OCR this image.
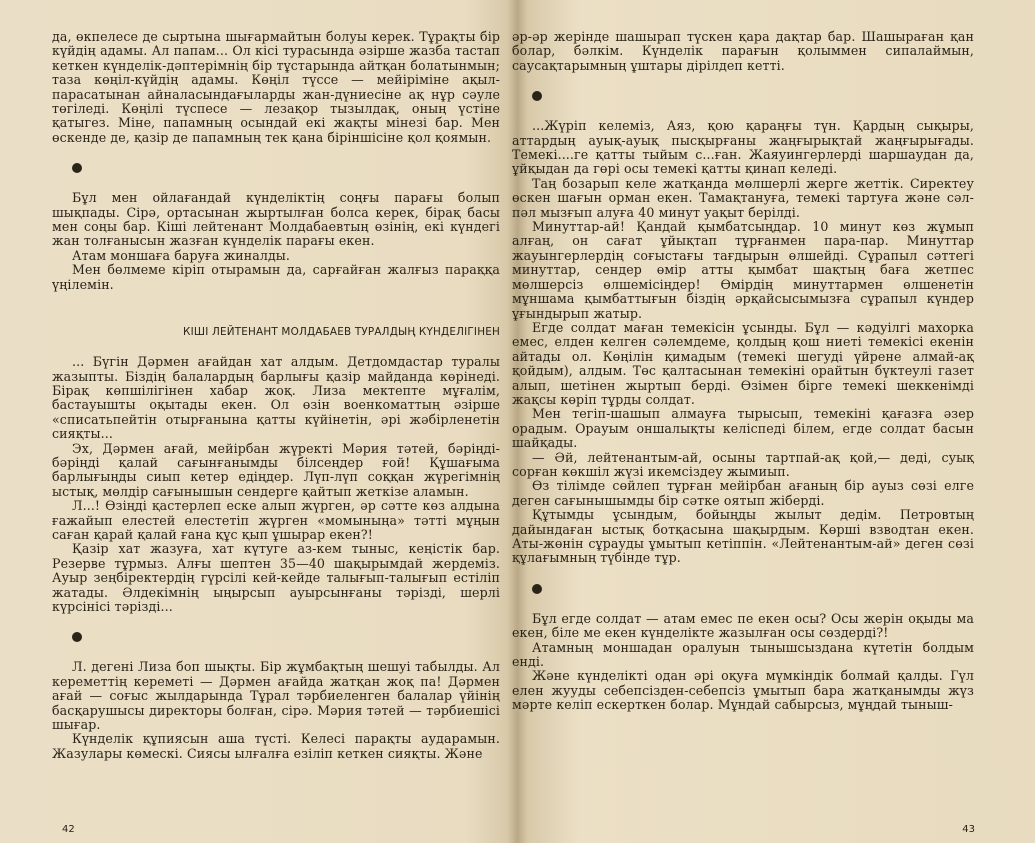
да, өкпелесе де сыртына шығармайтын болуы керек. Тұрақты бір күйдің адамы. Ал папам... Ол кісі турасында әзірше жазба тастап кеткен күнделік-дәптерімнің бір тұстарында айтқан болатынмын; таза көңіл-күйдің адамы. Көңіл түссе — мейіріміне ақыл-парасатынан айналасындағыларды жан-дүниесіне ақ нұр сәуле төгіледі. Көңілі түспесе — лезақор тызылдақ, оның үстіне қатыгез. Міне, папамның осындай екі жақты мінезі бар. Мен өскенде де, қазір де папамның тек қана біріншісіне қол қоямын.

Бұл мен ойлағандай күнделіктің соңғы парағы болып шықпады. Сірә, ортасынан жыртылған болса керек, бірақ басы мен соңы бар. Кіші лейтенант Молдабаевтың өзінің, екі күндегі жан толғанысын жазған күнделік парағы екен.

Атам моншаға баруға жиналды.

Мен бөлмеме кіріп отырамын да, сарғайған жалғыз параққа үңілемін.

КІШІ ЛЕЙТЕНАНТ МОЛДАБАЕВ ТУРАЛДЫҢ КҮНДЕЛІГІНЕН

... Бүгін Дәрмен ағайдан хат алдым. Детдомдастар туралы жазыпты. Біздің балалардың барлығы қазір майданда көрінеді. Бірақ көпшілігінен хабар жоқ. Лиза мектепте мұғалім, бастауышты оқытады екен. Ол өзін военкоматтың әзірше «списатьпейтін отырғанына қатты күйінетін, әрі жәбірленетін сияқты...

Эх, Дәрмен ағай, мейірбан жүректі Мәрия тәтей, бәріңді-бәріңді қалай сағынғанымды білсеңдер ғой! Құшағыма барлығыңды сиып кетер едіңдер. Лүп-лүп соққан жүрегімнің ыстық, мөлдір сағынышын сендерге қайтып жеткізе аламын.

Л...! Өзіңді қастерлеп еске алып жүрген, әр сәтте көз алдына ғажайып елестей елестетіп жүрген «момыныңа» тәтті мұңын саған қарай қалай ғана құс қып ұшырар екен?!

Қазір хат жазуға, хат күтуге аз-кем тыныс, кеңістік бар. Резерве тұрмыз. Алғы шептен 35—40 шақырымдай жердеміз. Ауыр зеңбіректердің гүрсілі кей-кейде талығып-талығып естіліп жатады. Әлдекімнің ыңырсып ауырсынғаны тәрізді, шерлі күрсінісі тәрізді...

Л. дегені Лиза боп шықты. Бір жұмбақтың шешуі табылды. Ал кереметтің кереметі — Дәрмен ағайда жатқан жоқ па! Дәрмен ағай — соғыс жылдарында Тұрал тәрбиеленген балалар үйінің басқарушысы директоры болған, сірә. Мәрия тәтей — тәрбиешісі шығар.

Күнделік құпиясын аша түсті. Келесі парақты аударамын. Жазулары көмескі. Сиясы ылғалға езіліп кеткен сияқты. Және

42

әр-әр жерінде шашырап түскен қара дақтар бар. Шашыраған қан болар, бәлкім. Күнделік парағын қолыммен сипалаймын, саусақтарымның ұштары дірілдеп кетті.

...Жүріп келеміз, Аяз, қою қараңғы түн. Қардың сықыры, аттардың ауық-ауық пысқырғаны жаңғырықтай жаңғырығады. Темекі....ге қатты тыйым с...ған. Жаяуингерлерді шаршаудан да, ұйқыдан да гөрі осы темекі қатты қинап келеді.

Таң бозарып келе жатқанда мөлшерлі жерге жеттік. Сиректеу өскен шағын орман екен. Тамақтануға, темекі тартуға және сәл-пәл мызғып алуға 40 минут уақыт берілді.

Минуттар-ай! Қандай қымбатсыңдар. 10 минут көз жұмып алғаң, он сағат ұйықтап тұрғанмен пара-пар. Минуттар жауынгерлердің соғыстағы тағдырын өлшейді. Сұрапыл сәттегі минуттар, сендер өмір атты қымбат шақтың баға жетпес мөлшерсіз өлшемісіңдер! Өмірдің минуттармен өлшенетін мұншама қымбаттығын біздің әрқайсысымызға сұрапыл күндер ұғындырып жатыр.

Егде солдат маған темекісін ұсынды. Бұл — кәдуілгі махорка емес, елден келген сәлемдеме, қолдың қош ниеті темекісі екенін айтады ол. Көңілін қимадым (темекі шегуді үйрене алмай-ақ қойдым), алдым. Төс қалтасынан темекіні орайтын бүктеулі газет алып, шетінен жыртып берді. Өзімен бірге темекі шеккенімді жақсы көріп тұрды солдат.

Мен тегіп-шашып алмауға тырысып, темекіні қағазға әзер орадым. Орауым оншалықты келіспеді білем, егде солдат басын шайқады.

— Әй, лейтенантым-ай, осыны тартпай-ақ қой,— деді, суық сорған көкшіл жүзі икемсіздеу жымиып.

Өз тілімде сөйлеп тұрған мейірбан ағаның бір ауыз сөзі елге деген сағынышымды бір сәтке оятып жіберді.

Құтымды ұсындым, бойыңды жылыт дедім. Петровтың дайындаған ыстық ботқасына шақырдым. Көрші взводтан екен. Аты-жөнін сұрауды ұмытып кетіппін. «Лейтенантым-ай» деген сөзі құлағымның түбінде тұр.

Бұл егде солдат — атам емес пе екен осы? Осы жерін оқыды ма екен, біле ме екен күнделікте жазылған осы сөздерді?!

Атамның моншадан оралуын тынышсыздана күтетін болдым енді.

Және күнделікті одан әрі оқуға мүмкіндік болмай қалды. Гүл елен жууды себепсізден-себепсіз ұмытып бара жатқанымды жүз мәрте келіп ескерткен болар. Мұндай сабырсыз, мұңдай тыныш-

43
